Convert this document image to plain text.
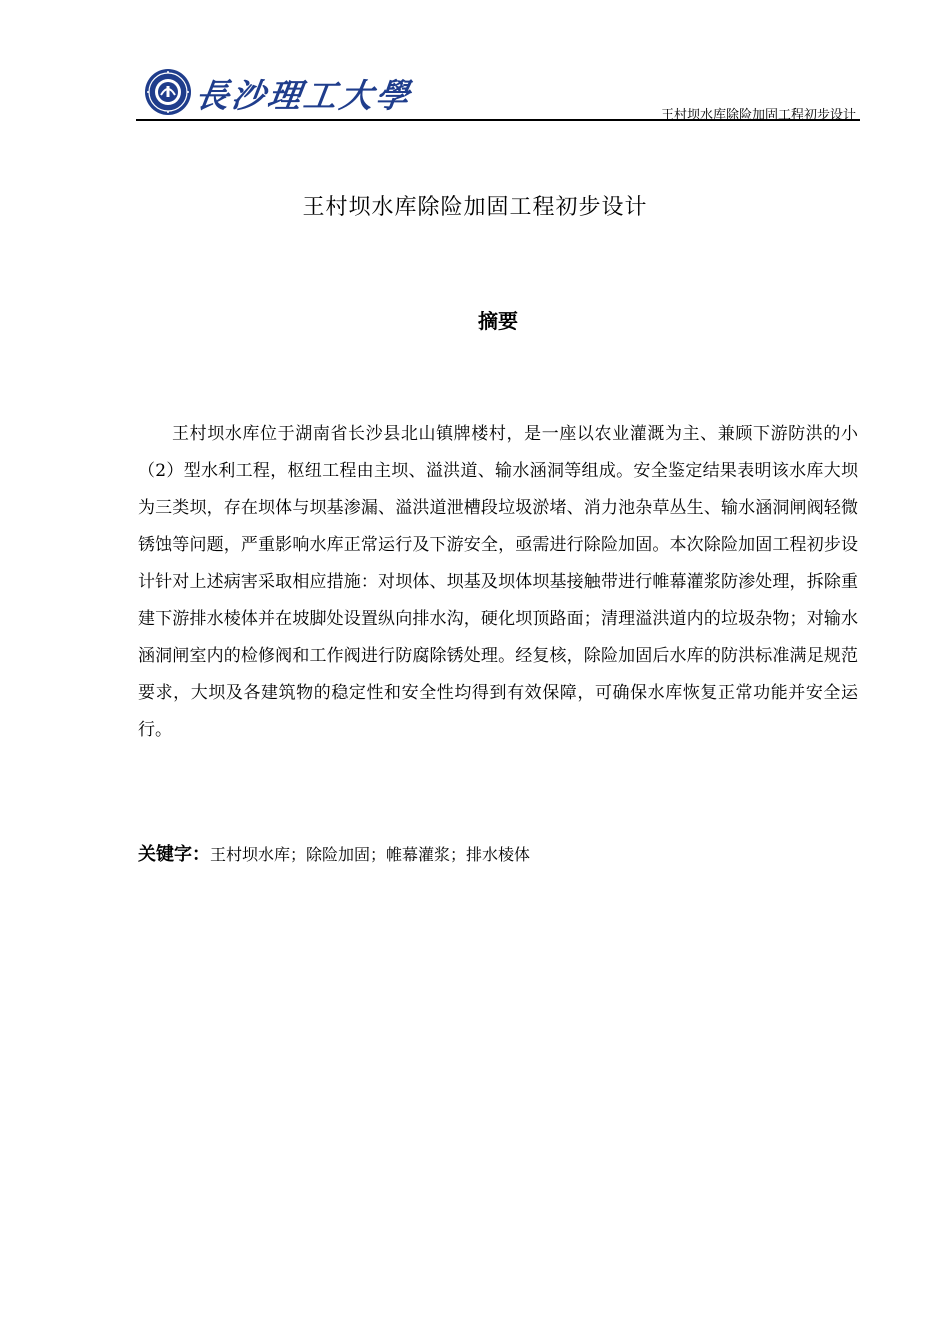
長沙理工大學
王村坝水库除险加固工程初步设计
王村坝水库除险加固工程初步设计
摘要

王村坝水库位于湖南省长沙县北山镇牌楼村，是一座以农业灌溉为主、兼顾下游防洪的小（2）型水利工程，枢纽工程由主坝、溢洪道、输水涵洞等组成。安全鉴定结果表明该水库大坝为三类坝，存在坝体与坝基渗漏、溢洪道泄槽段垃圾淤堵、消力池杂草丛生、输水涵洞闸阀轻微锈蚀等问题，严重影响水库正常运行及下游安全，亟需进行除险加固。本次除险加固工程初步设计针对上述病害采取相应措施：对坝体、坝基及坝体坝基接触带进行帷幕灌浆防渗处理，拆除重建下游排水棱体并在坡脚处设置纵向排水沟，硬化坝顶路面；清理溢洪道内的垃圾杂物；对输水涵洞闸室内的检修阀和工作阀进行防腐除锈处理。经复核，除险加固后水库的防洪标准满足规范要求，大坝及各建筑物的稳定性和安全性均得到有效保障，可确保水库恢复正常功能并安全运行。

关键字：王村坝水库；除险加固；帷幕灌浆；排水棱体
